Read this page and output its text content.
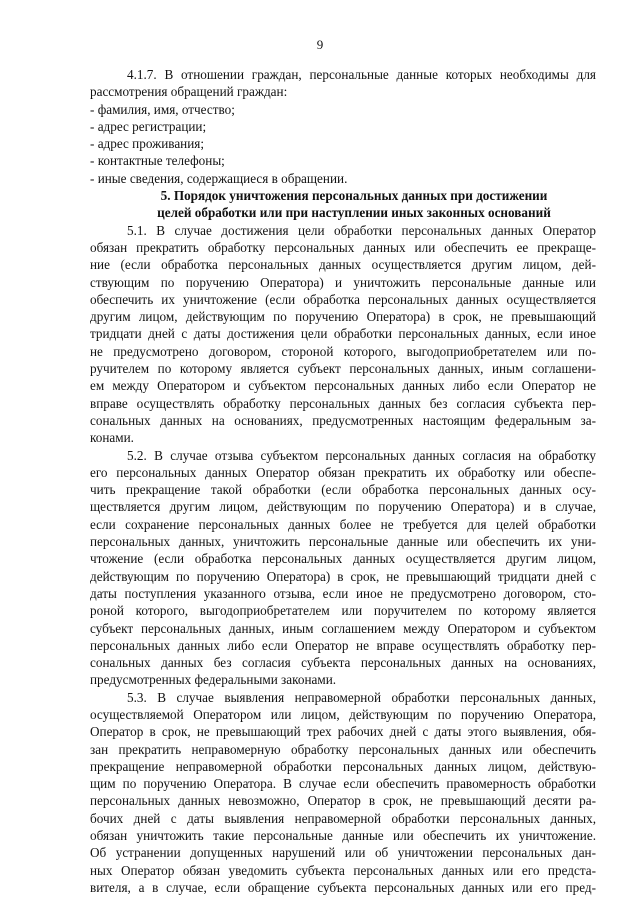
9
4.1.7. В отношении граждан, персональные данные которых необходимы для
рассмотрения обращений граждан:
- фамилия, имя, отчество;
- адрес регистрации;
- адрес проживания;
- контактные телефоны;
- иные сведения, содержащиеся в обращении.
5. Порядок уничтожения персональных данных при достижении
целей обработки или при наступлении иных законных оснований
5.1. В случае достижения цели обработки персональных данных Оператор
обязан прекратить обработку персональных данных или обеспечить ее прекраще-
ние (если обработка персональных данных осуществляется другим лицом, дей-
ствующим по поручению Оператора) и уничтожить персональные данные или
обеспечить их уничтожение (если обработка персональных данных осуществляется
другим лицом, действующим по поручению Оператора) в срок, не превышающий
тридцати дней с даты достижения цели обработки персональных данных, если иное
не предусмотрено договором, стороной которого, выгодоприобретателем или по-
ручителем по которому является субъект персональных данных, иным соглашени-
ем между Оператором и субъектом персональных данных либо если Оператор не
вправе осуществлять обработку персональных данных без согласия субъекта пер-
сональных данных на основаниях, предусмотренных настоящим федеральным за-
конами.
5.2. В случае отзыва субъектом персональных данных согласия на обработку
его персональных данных Оператор обязан прекратить их обработку или обеспе-
чить прекращение такой обработки (если обработка персональных данных осу-
ществляется другим лицом, действующим по поручению Оператора) и в случае,
если сохранение персональных данных более не требуется для целей обработки
персональных данных, уничтожить персональные данные или обеспечить их уни-
чтожение (если обработка персональных данных осуществляется другим лицом,
действующим по поручению Оператора) в срок, не превышающий тридцати дней с
даты поступления указанного отзыва, если иное не предусмотрено договором, сто-
роной которого, выгодоприобретателем или поручителем по которому является
субъект персональных данных, иным соглашением между Оператором и субъектом
персональных данных либо если Оператор не вправе осуществлять обработку пер-
сональных данных без согласия субъекта персональных данных на основаниях,
предусмотренных федеральными законами.
5.3. В случае выявления неправомерной обработки персональных данных,
осуществляемой Оператором или лицом, действующим по поручению Оператора,
Оператор в срок, не превышающий трех рабочих дней с даты этого выявления, обя-
зан прекратить неправомерную обработку персональных данных или обеспечить
прекращение неправомерной обработки персональных данных лицом, действую-
щим по поручению Оператора. В случае если обеспечить правомерность обработки
персональных данных невозможно, Оператор в срок, не превышающий десяти ра-
бочих дней с даты выявления неправомерной обработки персональных данных,
обязан уничтожить такие персональные данные или обеспечить их уничтожение.
Об устранении допущенных нарушений или об уничтожении персональных дан-
ных Оператор обязан уведомить субъекта персональных данных или его предста-
вителя, а в случае, если обращение субъекта персональных данных или его пред-
